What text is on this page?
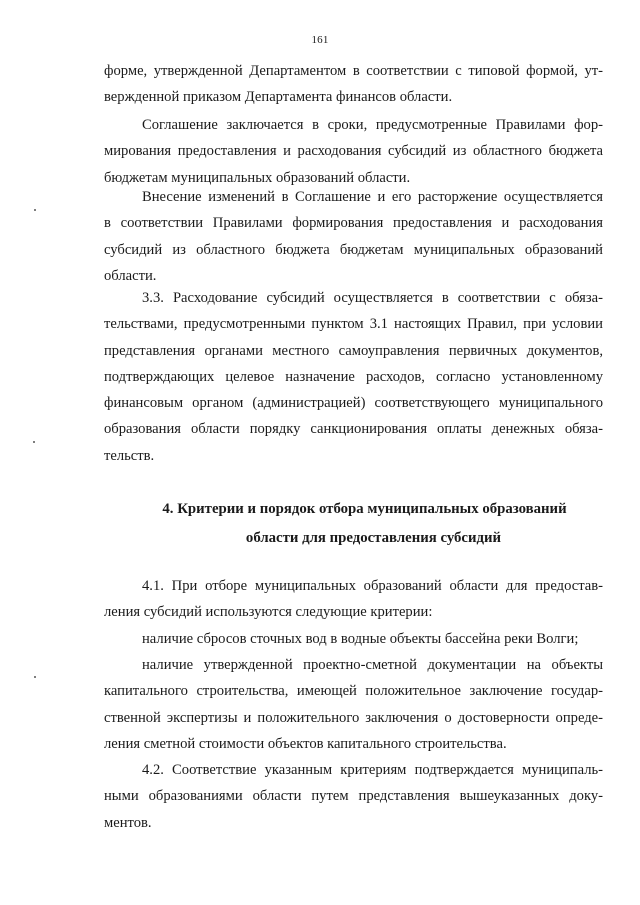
161
форме, утвержденной Департаментом в соответствии с типовой формой, ут-
вержденной приказом Департамента финансов области.
Соглашение заключается в сроки, предусмотренные Правилами фор-
мирования предоставления и расходования субсидий из областного бюджета
бюджетам муниципальных образований области.
Внесение изменений в Соглашение и его расторжение осуществляется
в соответствии Правилами формирования предоставления и расходования
субсидий из областного бюджета бюджетам муниципальных образований
области.
3.3. Расходование субсидий осуществляется в соответствии с обяза-
тельствами, предусмотренными пунктом 3.1 настоящих Правил, при условии
представления органами местного самоуправления первичных документов,
подтверждающих целевое назначение расходов, согласно установленному
финансовым органом (администрацией) соответствующего муниципального
образования области порядку санкционирования оплаты денежных обяза-
тельств.
4. Критерии и порядок отбора муниципальных образований
области для предоставления субсидий
4.1. При отборе муниципальных образований области для предостав-
ления субсидий используются следующие критерии:
наличие сбросов сточных вод в водные объекты бассейна реки Волги;
наличие утвержденной проектно-сметной документации на объекты
капитального строительства, имеющей положительное заключение государ-
ственной экспертизы и положительного заключения о достоверности опреде-
ления сметной стоимости объектов капитального строительства.
4.2. Соответствие указанным критериям подтверждается муниципаль-
ными образованиями области путем представления вышеуказанных доку-
ментов.
